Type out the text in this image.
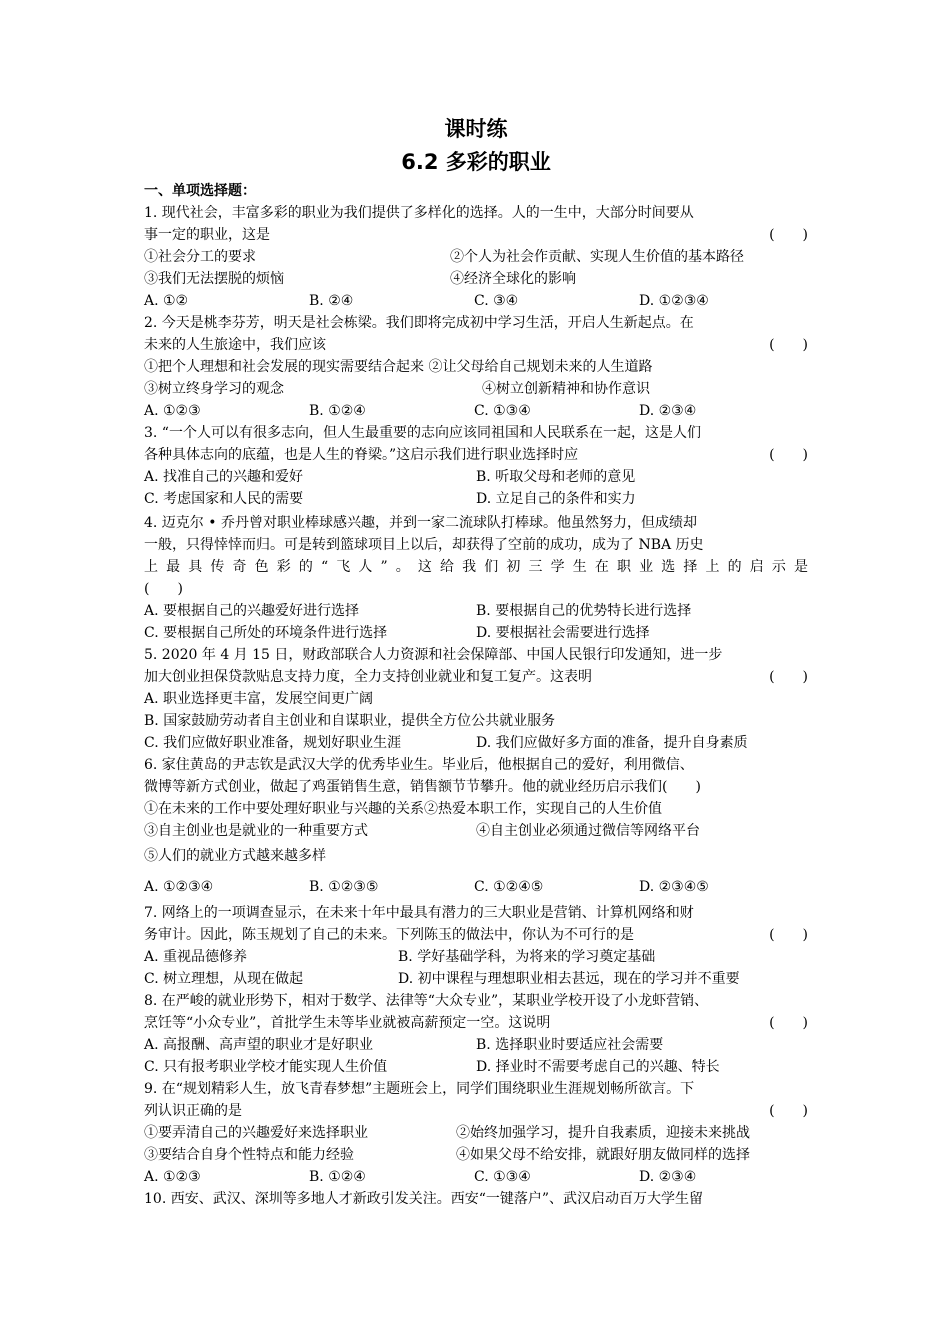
课时练
6.2 多彩的职业
一、单项选择题：
1. 现代社会，丰富多彩的职业为我们提供了多样化的选择。人的一生中，大部分时间要从
事一定的职业，这是	(　　)
①社会分工的要求	②个人为社会作贡献、实现人生价值的基本路径
③我们无法摆脱的烦恼	④经济全球化的影响
A. ①②	B. ②④	C. ③④	D. ①②③④
2. 今天是桃李芬芳，明天是社会栋梁。我们即将完成初中学习生活，开启人生新起点。在
未来的人生旅途中，我们应该	(　　)
①把个人理想和社会发展的现实需要结合起来 ②让父母给自己规划未来的人生道路
③树立终身学习的观念	④树立创新精神和协作意识
A. ①②③	B. ①②④	C. ①③④	D. ②③④
3. “一个人可以有很多志向，但人生最重要的志向应该同祖国和人民联系在一起，这是人们
各种具体志向的底蕴，也是人生的脊梁。”这启示我们进行职业选择时应	(　　)
A. 找准自己的兴趣和爱好	B. 听取父母和老师的意见
C. 考虑国家和人民的需要	D. 立足自己的条件和实力
4. 迈克尔 • 乔丹曾对职业棒球感兴趣，并到一家二流球队打棒球。他虽然努力，但成绩却
一般，只得悻悻而归。可是转到篮球项目上以后，却获得了空前的成功，成为了 NBA 历史
上最具传奇色彩的“飞人”。这给我们初三学生在职业选择上的启示是
(　　)
A. 要根据自己的兴趣爱好进行选择	B. 要根据自己的优势特长进行选择
C. 要根据自己所处的环境条件进行选择	D. 要根据社会需要进行选择
5. 2020 年 4 月 15 日，财政部联合人力资源和社会保障部、中国人民银行印发通知，进一步
加大创业担保贷款贴息支持力度，全力支持创业就业和复工复产。这表明	(　　)
A. 职业选择更丰富，发展空间更广阔
B. 国家鼓励劳动者自主创业和自谋职业，提供全方位公共就业服务
C. 我们应做好职业准备，规划好职业生涯	D. 我们应做好多方面的准备，提升自身素质
6. 家住黄岛的尹志钦是武汉大学的优秀毕业生。毕业后，他根据自己的爱好，利用微信、
微博等新方式创业，做起了鸡蛋销售生意，销售额节节攀升。他的就业经历启示我们(　　)
①在未来的工作中要处理好职业与兴趣的关系②热爱本职工作，实现自己的人生价值
③自主创业也是就业的一种重要方式	④自主创业必须通过微信等网络平台
⑤人们的就业方式越来越多样
A. ①②③④	B. ①②③⑤	C. ①②④⑤	D. ②③④⑤
7. 网络上的一项调查显示，在未来十年中最具有潜力的三大职业是营销、计算机网络和财
务审计。因此，陈玉规划了自己的未来。下列陈玉的做法中，你认为不可行的是	(　　)
A. 重视品德修养	B. 学好基础学科，为将来的学习奠定基础
C. 树立理想，从现在做起	D. 初中课程与理想职业相去甚远，现在的学习并不重要
8. 在严峻的就业形势下，相对于数学、法律等“大众专业”，某职业学校开设了小龙虾营销、
烹饪等“小众专业”，首批学生未等毕业就被高薪预定一空。这说明	(　　)
A. 高报酬、高声望的职业才是好职业	B. 选择职业时要适应社会需要
C. 只有报考职业学校才能实现人生价值	D. 择业时不需要考虑自己的兴趣、特长
9. 在“规划精彩人生，放飞青春梦想”主题班会上，同学们围绕职业生涯规划畅所欲言。下
列认识正确的是	(　　)
①要弄清自己的兴趣爱好来选择职业	②始终加强学习，提升自我素质，迎接未来挑战
③要结合自身个性特点和能力经验	④如果父母不给安排，就跟好朋友做同样的选择
A. ①②③	B. ①②④	C. ①③④	D. ②③④
10. 西安、武汉、深圳等多地人才新政引发关注。西安“一键落户”、武汉启动百万大学生留
